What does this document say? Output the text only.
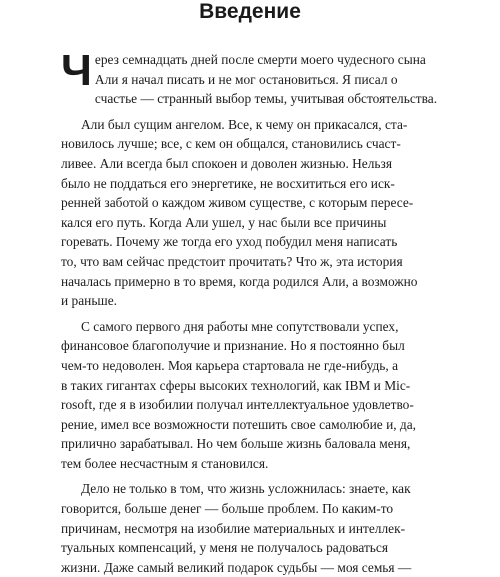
Введение
Ч ерез семнадцать дней после смерти моего чудесного сына
Али я начал писать и не мог остановиться. Я писал о
счастье — странный выбор темы, учитывая обстоятельства.
Али был сущим ангелом. Все, к чему он прикасался, ста-
новилось лучше; все, с кем он общался, становились счаст-
ливее. Али всегда был спокоен и доволен жизнью. Нельзя
было не поддаться его энергетике, не восхититься его иск-
ренней заботой о каждом живом существе, с которым пересе-
кался его путь. Когда Али ушел, у нас были все причины
горевать. Почему же тогда его уход побудил меня написать
то, что вам сейчас предстоит прочитать? Что ж, эта история
началась примерно в то время, когда родился Али, а возможно
и раньше.
С самого первого дня работы мне сопутствовали успех,
финансовое благополучие и признание. Но я постоянно был
чем-то недоволен. Моя карьера стартовала не где-нибудь, а
в таких гигантах сферы высоких технологий, как IBM и Mic-
rosoft, где я в изобилии получал интеллектуальное удовлетво-
рение, имел все возможности потешить свое самолюбие и, да,
прилично зарабатывал. Но чем больше жизнь баловала меня,
тем более несчастным я становился.
Дело не только в том, что жизнь усложнилась: знаете, как
говорится, больше денег — больше проблем. По каким-то
причинам, несмотря на изобилие материальных и интеллек-
туальных компенсаций, у меня не получалось радоваться
жизни. Даже самый великий подарок судьбы — моя семья —
